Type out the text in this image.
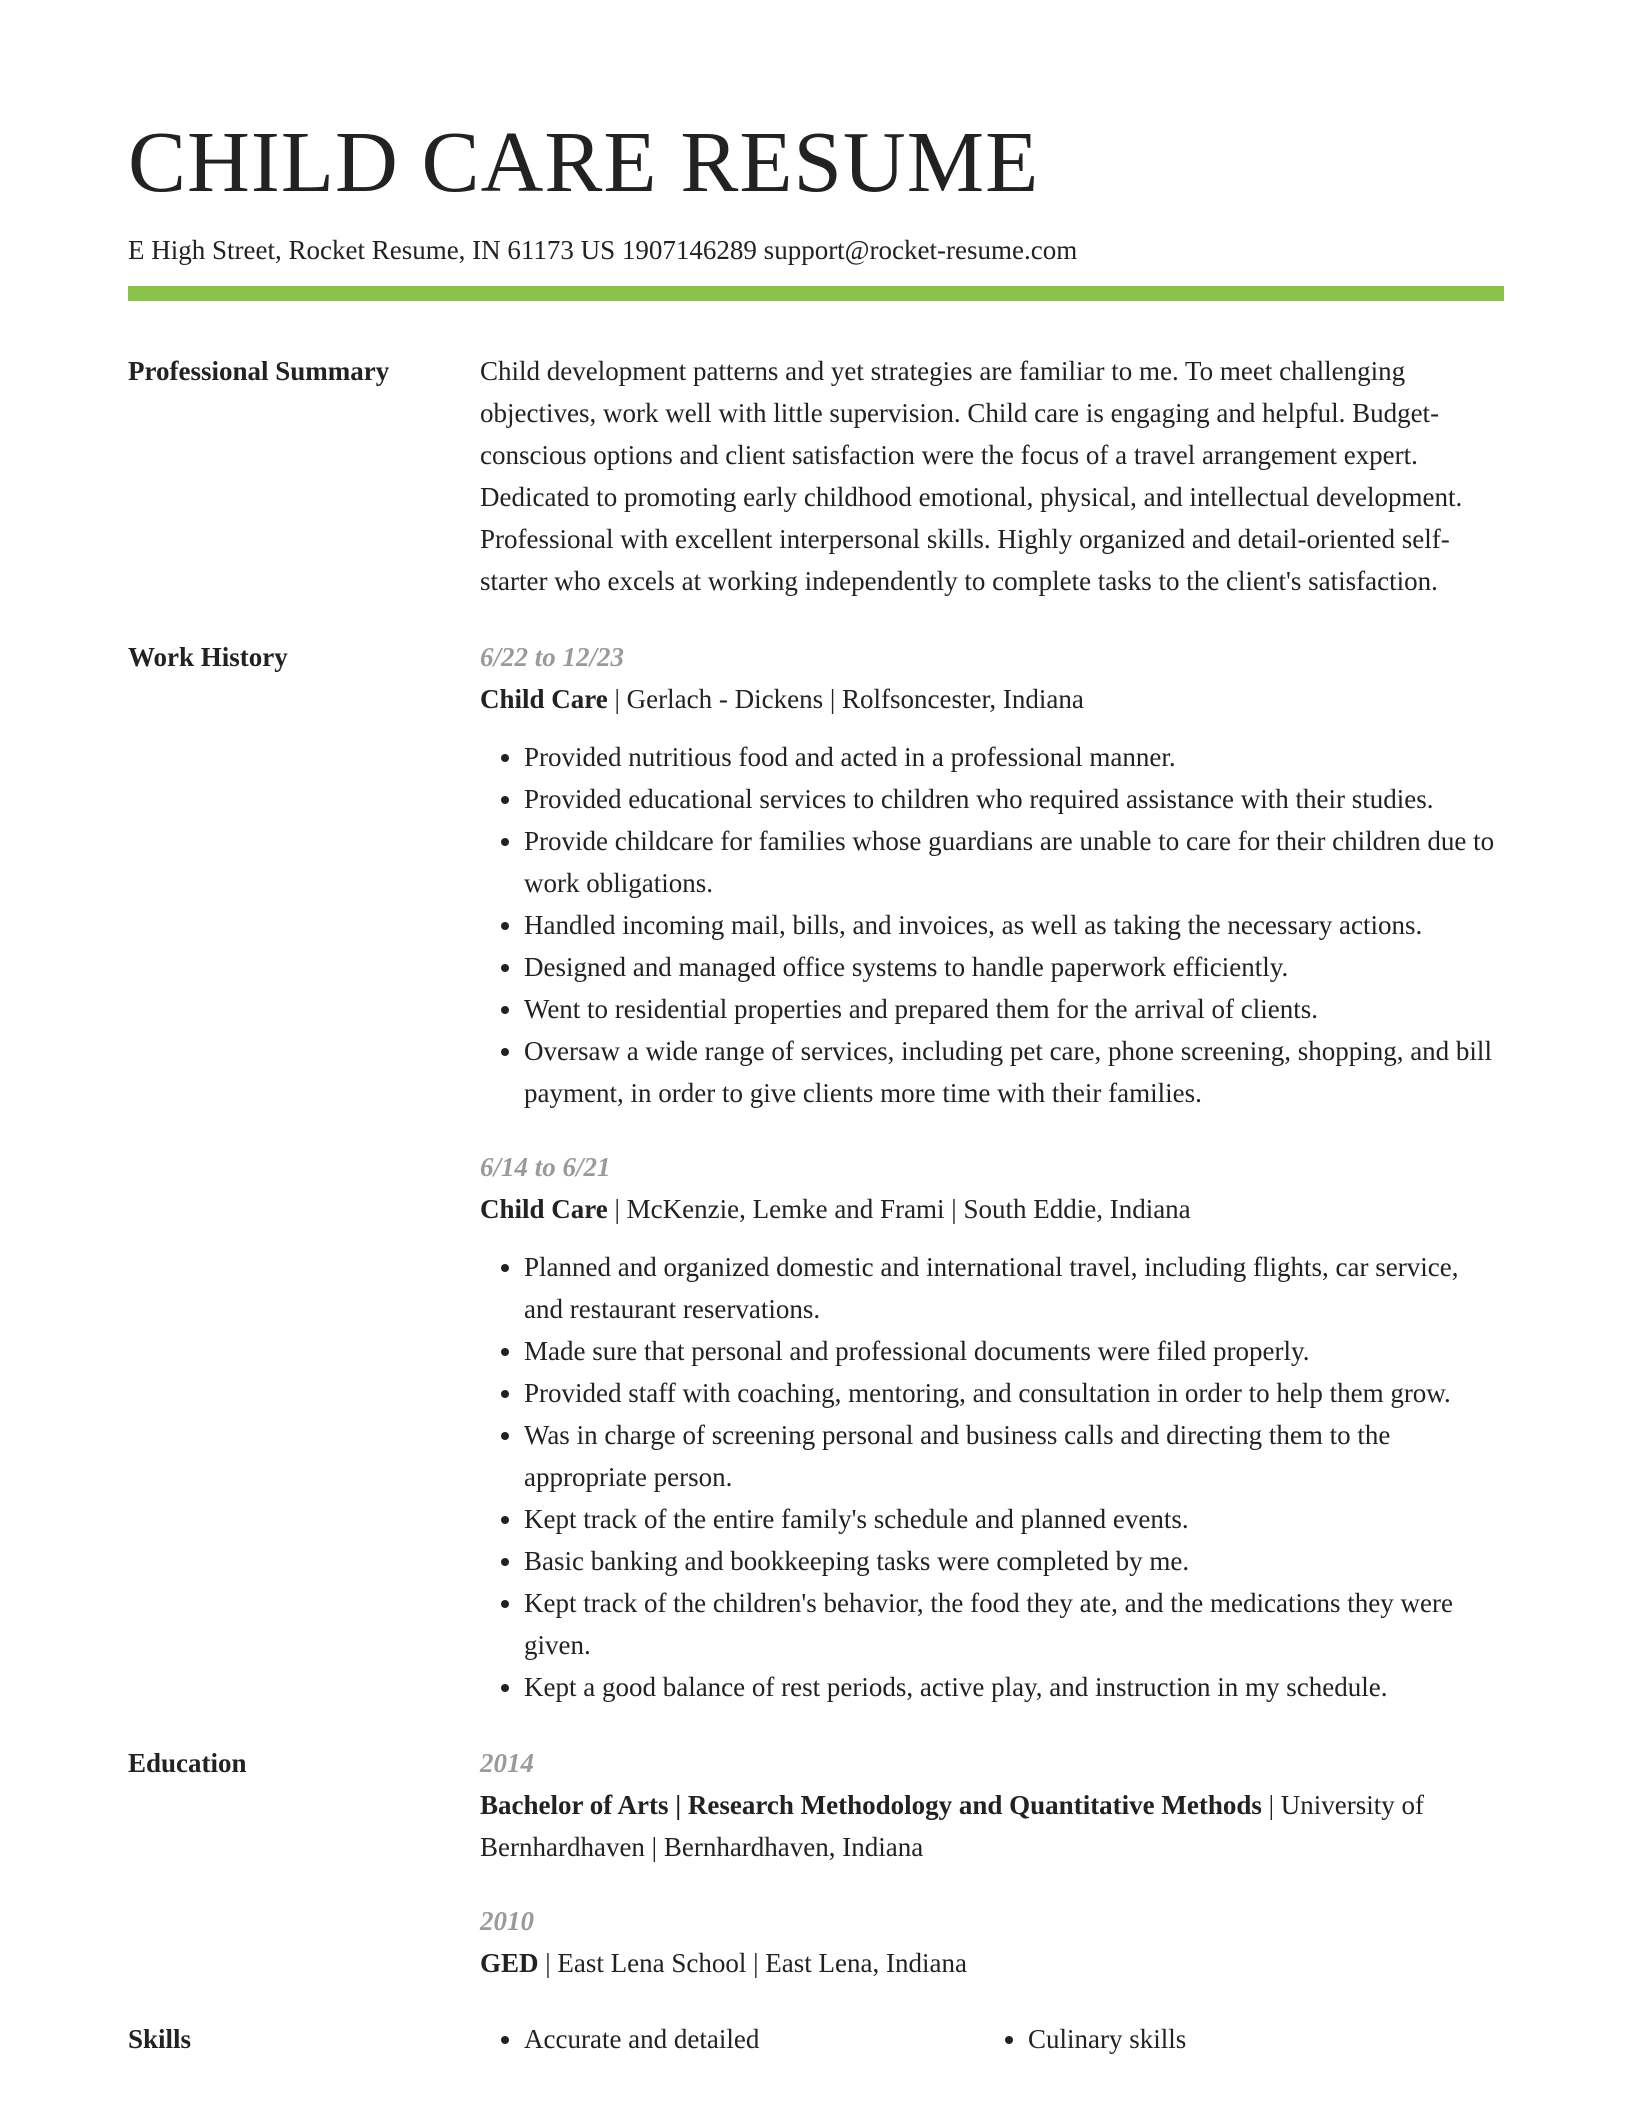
CHILD CARE RESUME
E High Street, Rocket Resume, IN 61173 US 1907146289 support@rocket-resume.com
Professional Summary	Child development patterns and yet strategies are familiar to me. To meet challenging objectives, work well with little supervision. Child care is engaging and helpful. Budget-conscious options and client satisfaction were the focus of a travel arrangement expert. Dedicated to promoting early childhood emotional, physical, and intellectual development. Professional with excellent interpersonal skills. Highly organized and detail-oriented self-starter who excels at working independently to complete tasks to the client's satisfaction.

Work History	6/22 to 12/23
Child Care | Gerlach - Dickens | Rolfsoncester, Indiana
• Provided nutritious food and acted in a professional manner.
• Provided educational services to children who required assistance with their studies.
• Provide childcare for families whose guardians are unable to care for their children due to work obligations.
• Handled incoming mail, bills, and invoices, as well as taking the necessary actions.
• Designed and managed office systems to handle paperwork efficiently.
• Went to residential properties and prepared them for the arrival of clients.
• Oversaw a wide range of services, including pet care, phone screening, shopping, and bill payment, in order to give clients more time with their families.
6/14 to 6/21
Child Care | McKenzie, Lemke and Frami | South Eddie, Indiana
• Planned and organized domestic and international travel, including flights, car service, and restaurant reservations.
• Made sure that personal and professional documents were filed properly.
• Provided staff with coaching, mentoring, and consultation in order to help them grow.
• Was in charge of screening personal and business calls and directing them to the appropriate person.
• Kept track of the entire family's schedule and planned events.
• Basic banking and bookkeeping tasks were completed by me.
• Kept track of the children's behavior, the food they ate, and the medications they were given.
• Kept a good balance of rest periods, active play, and instruction in my schedule.
Education	2014
Bachelor of Arts | Research Methodology and Quantitative Methods | University of Bernhardhaven | Bernhardhaven, Indiana
2010
GED | East Lena School | East Lena, Indiana
Skills	• Accurate and detailed	• Culinary skills
